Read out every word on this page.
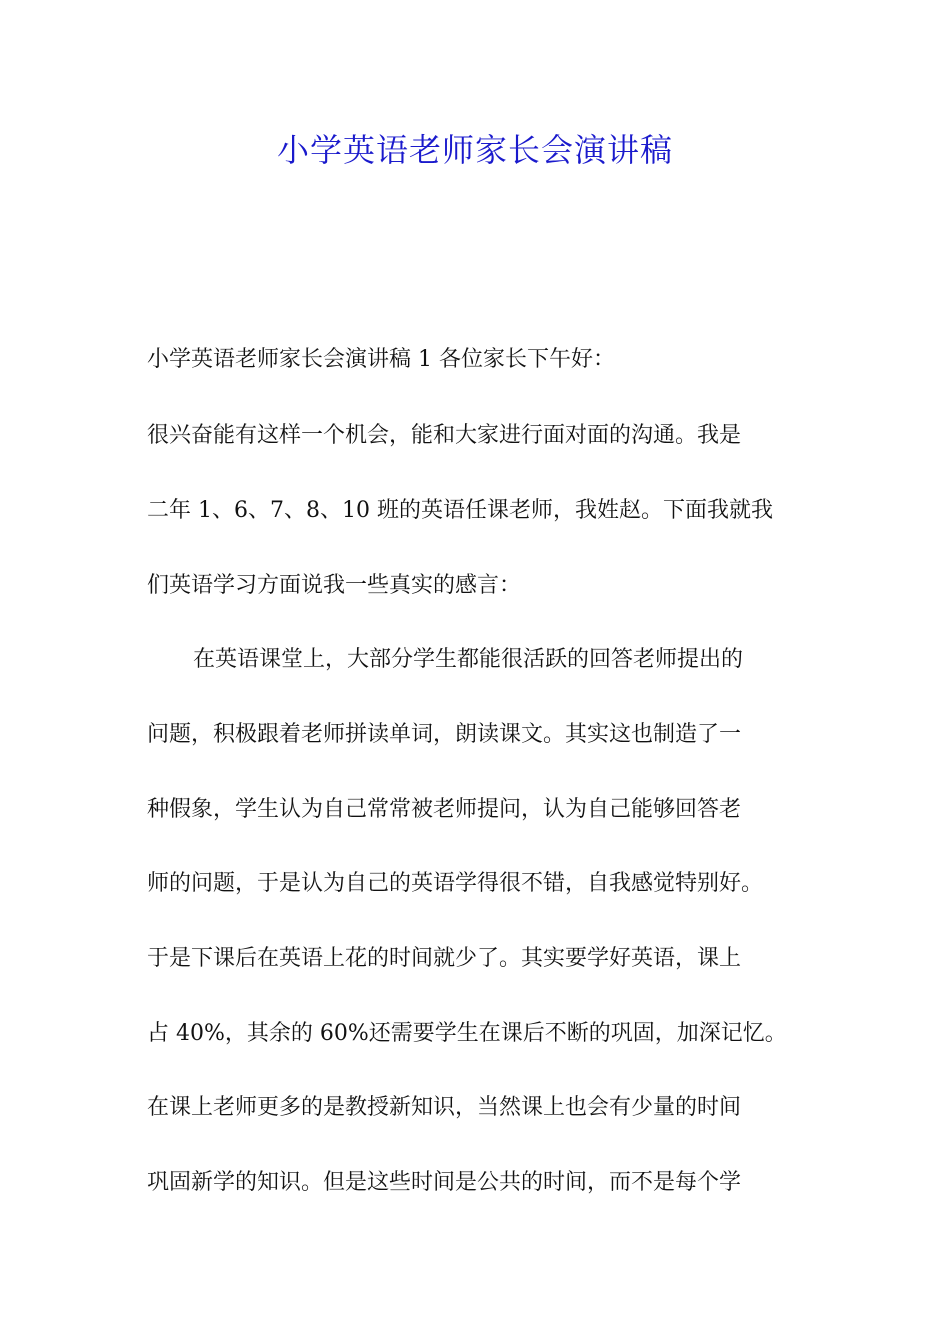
小学英语老师家长会演讲稿
小学英语老师家长会演讲稿 1 各位家长下午好：
很兴奋能有这样一个机会，能和大家进行面对面的沟通。我是
二年 1、6、7、8、10 班的英语任课老师，我姓赵。下面我就我
们英语学习方面说我一些真实的感言：
在英语课堂上，大部分学生都能很活跃的回答老师提出的
问题，积极跟着老师拼读单词，朗读课文。其实这也制造了一
种假象，学生认为自己常常被老师提问，认为自己能够回答老
师的问题，于是认为自己的英语学得很不错，自我感觉特别好。
于是下课后在英语上花的时间就少了。其实要学好英语，课上
占 40%，其余的 60%还需要学生在课后不断的巩固，加深记忆。
在课上老师更多的是教授新知识，当然课上也会有少量的时间
巩固新学的知识。但是这些时间是公共的时间，而不是每个学
